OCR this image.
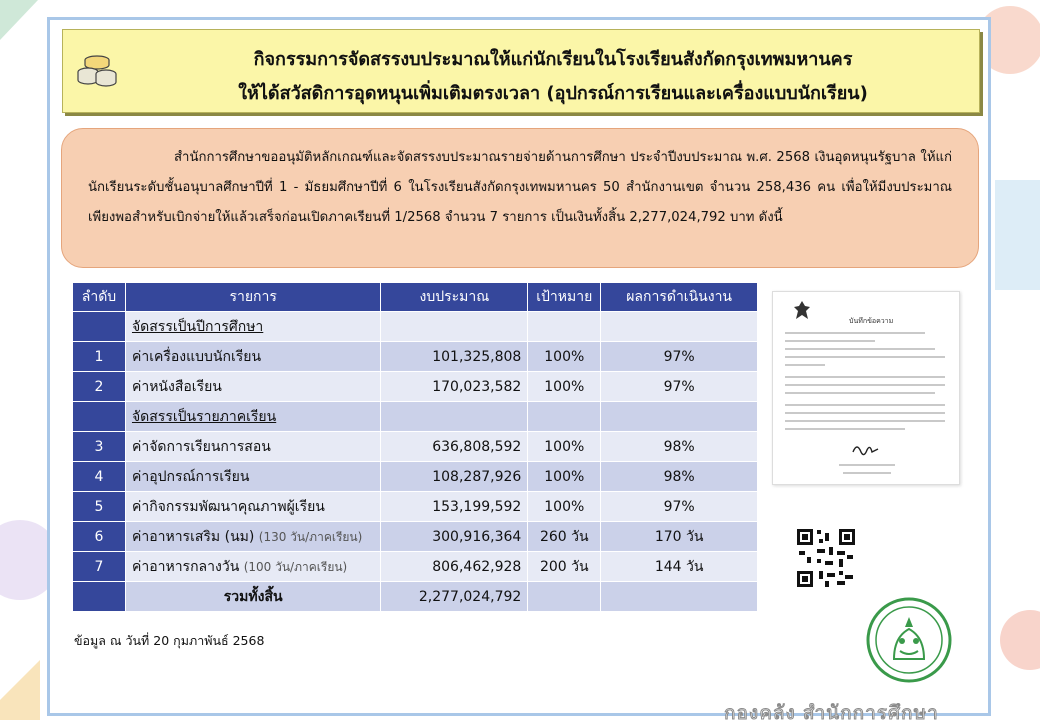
กิจกรรมการจัดสรรงบประมาณให้แก่นักเรียนในโรงเรียนสังกัดกรุงเทพมหานคร
ให้ได้สวัสดิการอุดหนุนเพิ่มเติมตรงเวลา (อุปกรณ์การเรียนและเครื่องแบบนักเรียน)

สำนักการศึกษาขออนุมัติหลักเกณฑ์และจัดสรรงบประมาณรายจ่ายด้านการศึกษา ประจำปีงบประมาณ พ.ศ. 2568 เงินอุดหนุนรัฐบาล ให้แก่นักเรียนระดับชั้นอนุบาลศึกษาปีที่ 1 - มัธยมศึกษาปีที่ 6 ในโรงเรียนสังกัดกรุงเทพมหานคร 50 สำนักงานเขต จำนวน 258,436 คน เพื่อให้มีงบประมาณเพียงพอสำหรับเบิกจ่ายให้แล้วเสร็จก่อนเปิดภาคเรียนที่ 1/2568 จำนวน 7 รายการ เป็นเงินทั้งสิ้น 2,277,024,792 บาท ดังนี้

ลำดับ	รายการ	งบประมาณ	เป้าหมาย	ผลการดำเนินงาน
	จัดสรรเป็นปีการศึกษา			
1	ค่าเครื่องแบบนักเรียน	101,325,808	100%	97%
2	ค่าหนังสือเรียน	170,023,582	100%	97%
	จัดสรรเป็นรายภาคเรียน			
3	ค่าจัดการเรียนการสอน	636,808,592	100%	98%
4	ค่าอุปกรณ์การเรียน	108,287,926	100%	98%
5	ค่ากิจกรรมพัฒนาคุณภาพผู้เรียน	153,199,592	100%	97%
6	ค่าอาหารเสริม (นม) (130 วัน/ภาคเรียน)	300,916,364	260 วัน	170 วัน
7	ค่าอาหารกลางวัน (100 วัน/ภาคเรียน)	806,462,928	200 วัน	144 วัน
	รวมทั้งสิ้น	2,277,024,792		
ข้อมูล ณ วันที่ 20 กุมภาพันธ์ 2568
บันทึกข้อความ
กองคลัง สำนักการศึกษา
